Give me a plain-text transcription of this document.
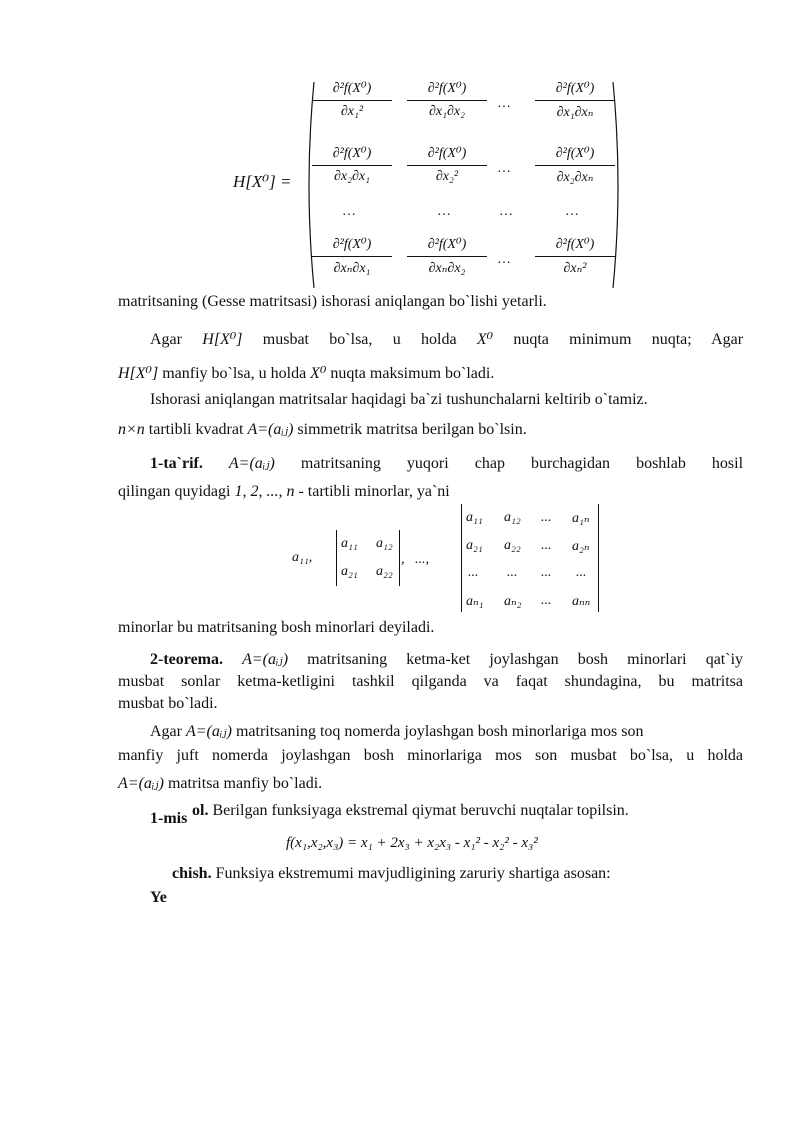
H[X⁰] =
$\frac{\text{∂²f(X⁰)}}{\text{∂x₁²}} \frac{\text{∂²f(X⁰)}}{\text{∂x₁∂x₂}}$ … $\frac{\text{∂²f(X⁰)}}{\text{∂x₁∂xₙ}}$
$\frac{\text{∂²f(X⁰)}}{\text{∂x₂∂x₁}} \frac{\text{∂²f(X⁰)}}{\text{∂x₂²}}$ … $\frac{\text{∂²f(X⁰)}}{\text{∂x₂∂xₙ}}$
…	…	…	…
$\frac{\text{∂²f(X⁰)}}{\text{∂xₙ∂x₁}} \frac{\text{∂²f(X⁰)}}{\text{∂xₙ∂x₂}}$ … $\frac{\text{∂²f(X⁰)}}{\text{∂xₙ²}}$
matritsaning (Gesse matritsasi) ishorasi aniqlangan bo`lishi yetarli.
Agar H[X⁰] musbat bo`lsa, u holda X⁰ nuqta minimum nuqta; Agar
H[X⁰] manfiy bo`lsa, u holda X⁰ nuqta maksimum bo`ladi.
Ishorasi aniqlangan matritsalar haqidagi ba`zi tushunchalarni keltirib o`tamiz.
n×n tartibli kvadrat A=(aᵢⱼ) simmetrik matritsa berilgan bo`lsin.
1-ta`rif. A=(aᵢⱼ) matritsaning yuqori chap burchagidan boshlab hosil
qilingan quyidagi 1, 2, ..., n - tartibli minorlar, ya`ni
a₁₁,
a₁₁ a₁₂
a₂₁ a₂₂
,   ...,
a₁₁ a₁₂ ... a₁ₙ
a₂₁ a₂₂ ... a₂ₙ
... ... ... ...
aₙ₁ aₙ₂ ... aₙₙ
minorlar bu matritsaning bosh minorlari deyiladi.
2-teorema. A=(aᵢⱼ) matritsaning ketma-ket joylashgan bosh minorlari qat`iy
musbat sonlar ketma-ketligini tashkil qilganda va faqat shundagina, bu matritsa
musbat bo`ladi.
Agar A=(aᵢⱼ) matritsaning toq nomerda joylashgan bosh minorlariga mos son
manfiy juft nomerda joylashgan bosh minorlariga mos son musbat bo`lsa, u holda
A=(aᵢⱼ) matritsa manfiy bo`ladi.
1-mis ol. Berilgan funksiyaga ekstremal qiymat beruvchi nuqtalar topilsin.
f(x₁,x₂,x₃) = x₁ + 2x₃ + x₂x₃ - x₁² - x₂² - x₃²
chish. Funksiya ekstremumi mavjudligining zaruriy shartiga asosan:
Ye
